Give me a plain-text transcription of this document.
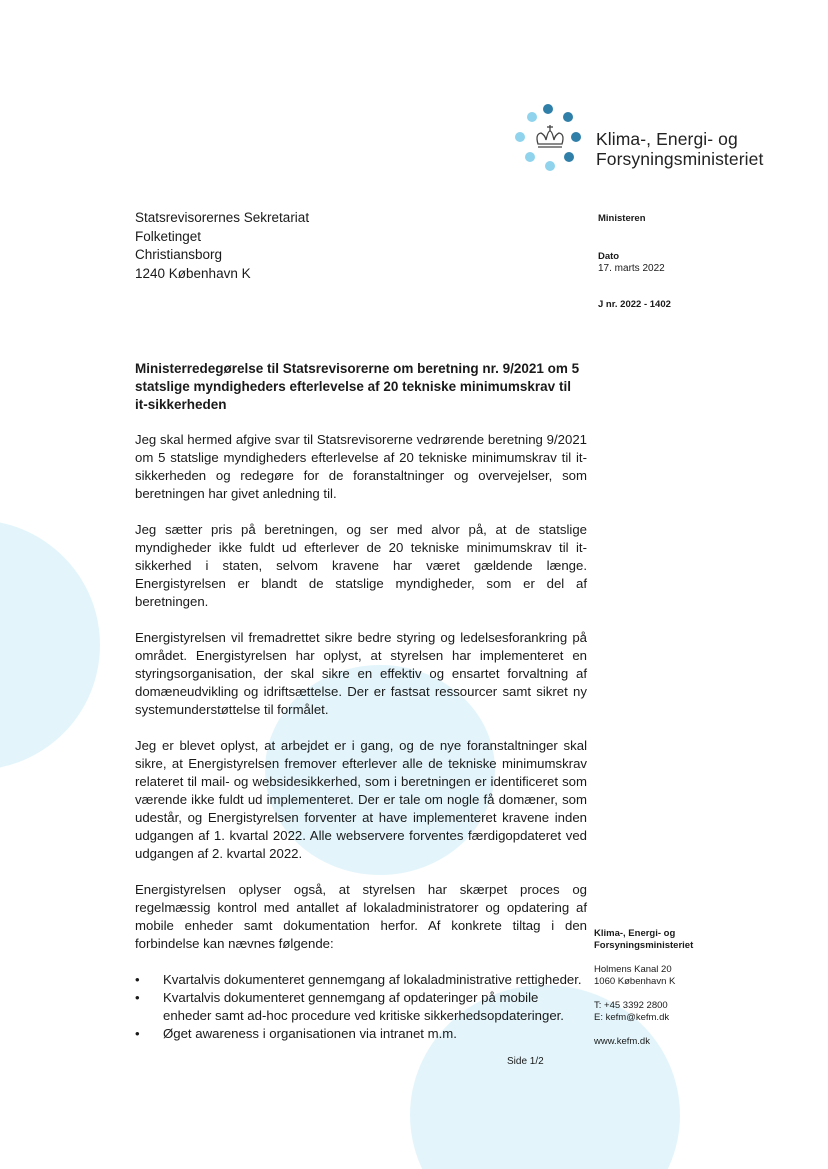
Klima-, Energi- og
Forsyningsministeriet
Statsrevisorernes Sekretariat
Folketinget
Christiansborg
1240 København K
Ministeren
Dato
17. marts 2022
J nr. 2022 - 1402
Ministerredegørelse til Statsrevisorerne om beretning nr. 9/2021 om 5 statslige myndigheders efterlevelse af 20 tekniske minimumskrav til it-sikkerheden

Jeg skal hermed afgive svar til Statsrevisorerne vedrørende beretning 9/2021 om 5 statslige myndigheders efterlevelse af 20 tekniske minimumskrav til it-sikkerheden og redegøre for de foranstaltninger og overvejelser, som beretningen har givet anledning til.

Jeg sætter pris på beretningen, og ser med alvor på, at de statslige myndigheder ikke fuldt ud efterlever de 20 tekniske minimumskrav til it-sikkerhed i staten, selvom kravene har været gældende længe. Energistyrelsen er blandt de statslige myndigheder, som er del af beretningen.

Energistyrelsen vil fremadrettet sikre bedre styring og ledelsesforankring på området. Energistyrelsen har oplyst, at styrelsen har implementeret en styringsorganisation, der skal sikre en effektiv og ensartet forvaltning af domæneudvikling og idriftsættelse. Der er fastsat ressourcer samt sikret ny systemunderstøttelse til formålet.

Jeg er blevet oplyst, at arbejdet er i gang, og de nye foranstaltninger skal sikre, at Energistyrelsen fremover efterlever alle de tekniske minimumskrav relateret til mail- og websidesikkerhed, som i beretningen er identificeret som værende ikke fuldt ud implementeret. Der er tale om nogle få domæner, som udestår, og Energistyrelsen forventer at have implementeret kravene inden udgangen af 1. kvartal 2022. Alle webservere forventes færdigopdateret ved udgangen af 2. kvartal 2022.

Energistyrelsen oplyser også, at styrelsen har skærpet proces og regelmæssig kontrol med antallet af lokaladministratorer og opdatering af mobile enheder samt dokumentation herfor. Af konkrete tiltag i den forbindelse kan nævnes følgende:

• Kvartalvis dokumenteret gennemgang af lokaladministrative rettigheder.
• Kvartalvis dokumenteret gennemgang af opdateringer på mobile enheder samt ad-hoc procedure ved kritiske sikkerhedsopdateringer.
• Øget awareness i organisationen via intranet m.m.
Klima-, Energi- og
Forsyningsministeriet
Holmens Kanal 20
1060 København K
T: +45 3392 2800
E: kefm@kefm.dk
www.kefm.dk
Side 1/2
